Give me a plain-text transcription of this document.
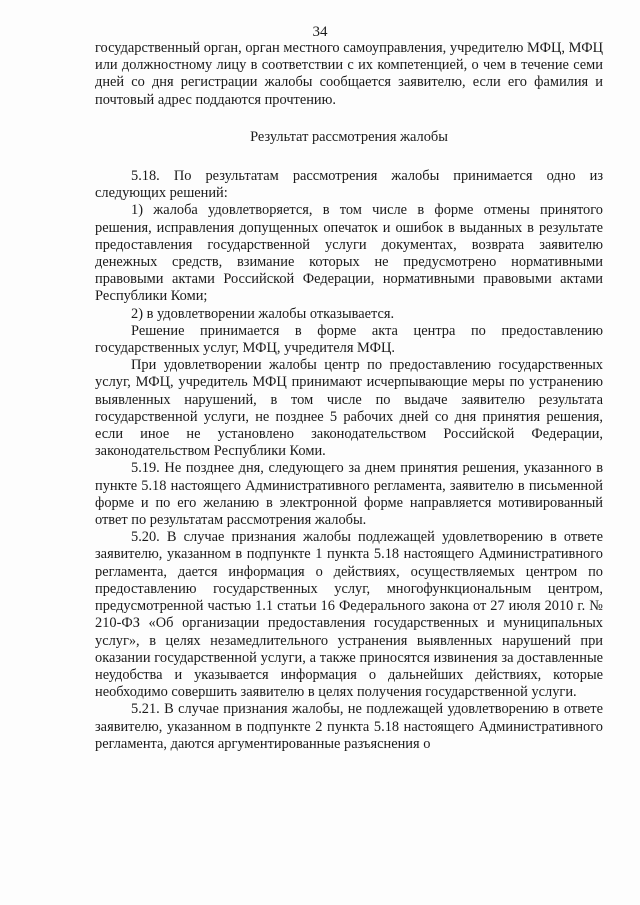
34

государственный орган, орган местного самоуправления, учредителю МФЦ, МФЦ или должностному лицу в соответствии с их компетенцией, о чем в течение семи дней со дня регистрации жалобы сообщается заявителю, если его фамилия и почтовый адрес поддаются прочтению.

Результат рассмотрения жалобы

5.18. По результатам рассмотрения жалобы принимается одно из следующих решений:

1) жалоба удовлетворяется, в том числе в форме отмены принятого решения, исправления допущенных опечаток и ошибок в выданных в результате предоставления государственной услуги документах, возврата заявителю денежных средств, взимание которых не предусмотрено нормативными правовыми актами Российской Федерации, нормативными правовыми актами Республики Коми;

2) в удовлетворении жалобы отказывается.

Решение принимается в форме акта центра по предоставлению государственных услуг, МФЦ, учредителя МФЦ.

При удовлетворении жалобы центр по предоставлению государственных услуг, МФЦ, учредитель МФЦ принимают исчерпывающие меры по устранению выявленных нарушений, в том числе по выдаче заявителю результата государственной услуги, не позднее 5 рабочих дней со дня принятия решения, если иное не установлено законодательством Российской Федерации, законодательством Республики Коми.

5.19. Не позднее дня, следующего за днем принятия решения, указанного в пункте 5.18 настоящего Административного регламента, заявителю в письменной форме и по его желанию в электронной форме направляется мотивированный ответ по результатам рассмотрения жалобы.

5.20. В случае признания жалобы подлежащей удовлетворению в ответе заявителю, указанном в подпункте 1 пункта 5.18 настоящего Административного регламента, дается информация о действиях, осуществляемых центром по предоставлению государственных услуг, многофункциональным центром, предусмотренной частью 1.1 статьи 16 Федерального закона от 27 июля 2010 г. № 210-ФЗ «Об организации предоставления государственных и муниципальных услуг», в целях незамедлительного устранения выявленных нарушений при оказании государственной услуги, а также приносятся извинения за доставленные неудобства и указывается информация о дальнейших действиях, которые необходимо совершить заявителю в целях получения государственной услуги.

5.21. В случае признания жалобы, не подлежащей удовлетворению в ответе заявителю, указанном в подпункте 2 пункта 5.18 настоящего Административного регламента, даются аргументированные разъяснения о
